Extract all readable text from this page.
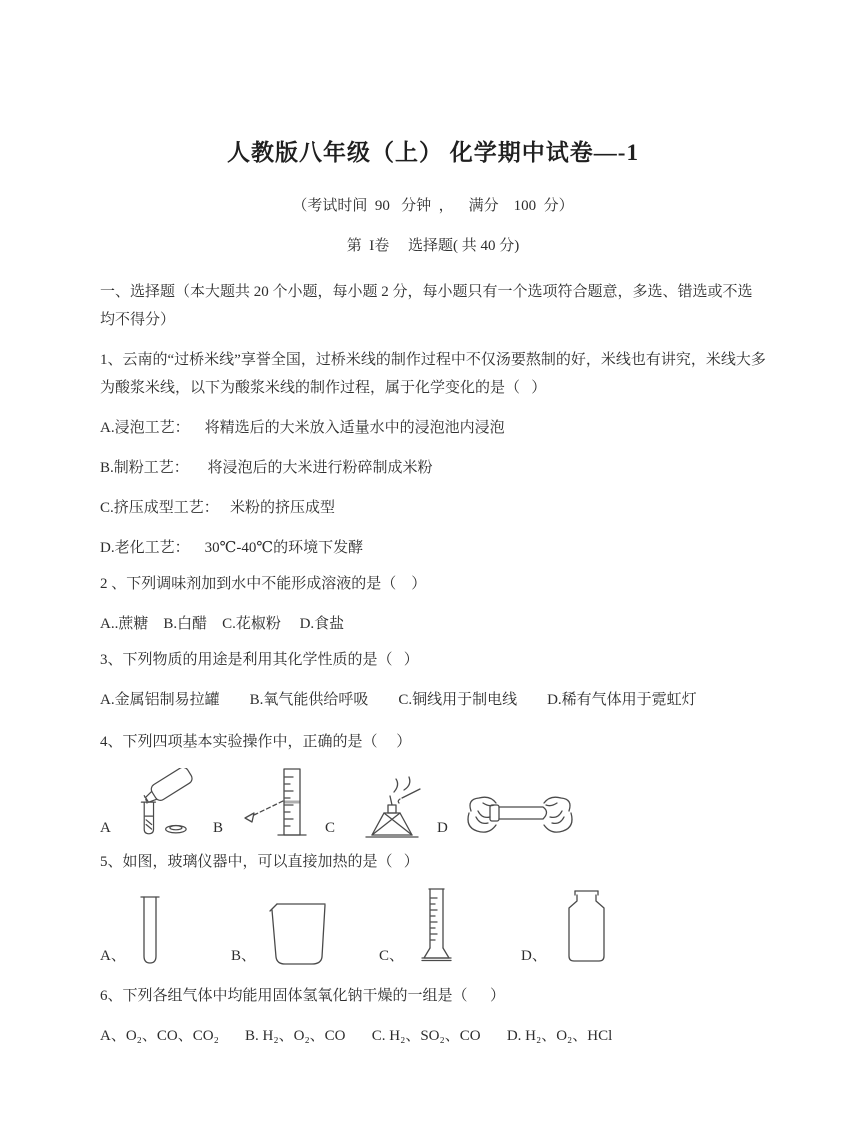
人教版八年级（上） 化学期中试卷—-1

（考试时间  90   分钟  ，    满分    100  分）

第  I卷     选择题( 共 40 分)

一、选择题（本大题共 20 个小题，每小题 2 分，每小题只有一个选项符合题意，多选、错选或不选均不得分）

1、云南的“过桥米线”享誉全国，过桥米线的制作过程中不仅汤要熬制的好，米线也有讲究，米线大多为酸浆米线，以下为酸浆米线的制作过程，属于化学变化的是（   ）

A.浸泡工艺：    将精选后的大米放入适量水中的浸泡池内浸泡

B.制粉工艺：     将浸泡后的大米进行粉碎制成米粉

C.挤压成型工艺：   米粉的挤压成型

D.老化工艺：    30℃-40℃的环境下发酵

2 、下列调味剂加到水中不能形成溶液的是（    ）

A..蔗糖    B.白醋    C.花椒粉     D.食盐

3、下列物质的用途是利用其化学性质的是（   ）

A.金属铝制易拉罐        B.氧气能供给呼吸        C.铜线用于制电线        D.稀有气体用于霓虹灯

4、下列四项基本实验操作中，正确的是（     ）

A	B	C	D

5、如图，玻璃仪器中，可以直接加热的是（   ）

A、	B、	C、	D、

6、下列各组气体中均能用固体氢氧化钠干燥的一组是（      ）

A、O₂、CO、CO₂       B. H₂、O₂、CO       C. H₂、SO₂、CO       D. H₂、O₂、HCl
